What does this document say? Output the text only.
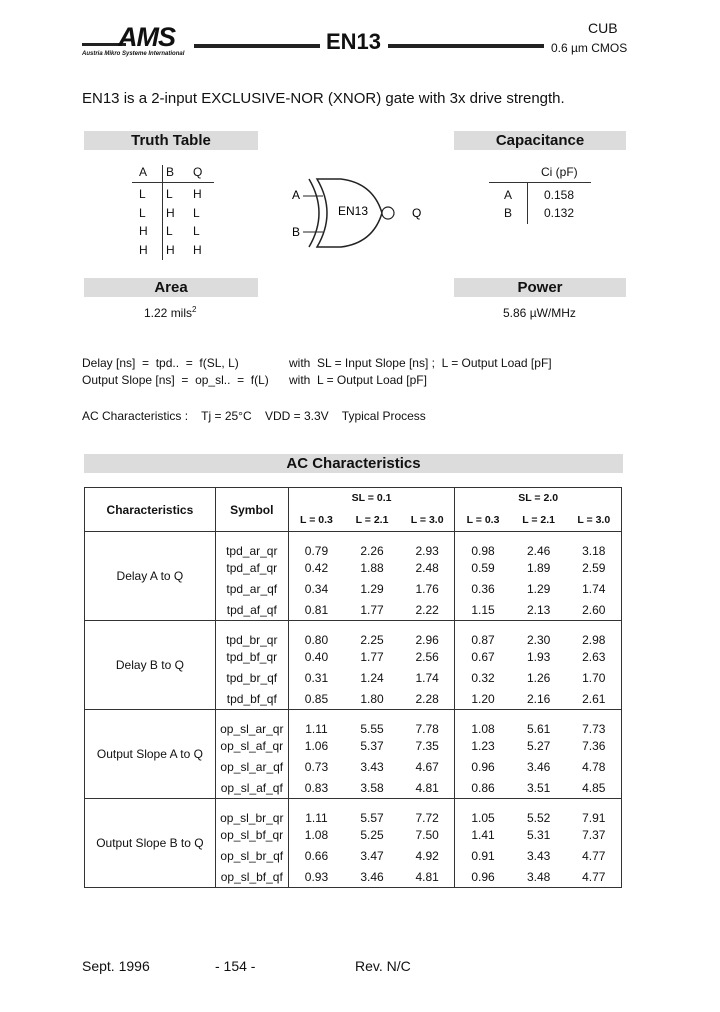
AMS
Austria Mikro Systeme International	EN13
CUB
0.6 µm CMOS
EN13 is a 2-input EXCLUSIVE-NOR (XNOR) gate with 3x drive strength.
Truth Table
A B Q
L L H
L H L
H L L
H H H
A
B
EN13	Q
Capacitance
Ci (pF)
A	0.158
B	0.132
Area
1.22 mils$^2$
Power
5.86 µW/MHz
Delay [ns]  =  tpd..  =  f(SL, L)	with  SL = Input Slope [ns] ;  L = Output Load [pF]
Output Slope [ns]  =  op_sl..  =  f(L) with  L = Output Load [pF]
AC Characteristics :    Tj = 25°C    VDD = 3.3V    Typical Process
AC Characteristics
Characteristics	Symbol	SL = 0.1			SL = 2.0		
		L = 0.3	L = 2.1	L = 3.0	L = 0.3	L = 2.1	L = 3.0
Delay A to Q	tpd_ar_qr	0.79	2.26	2.93	0.98	2.46	3.18
	tpd_af_qr	0.42	1.88	2.48	0.59	1.89	2.59
	tpd_ar_qf	0.34	1.29	1.76	0.36	1.29	1.74
	tpd_af_qf	0.81	1.77	2.22	1.15	2.13	2.60
Delay B to Q	tpd_br_qr	0.80	2.25	2.96	0.87	2.30	2.98
	tpd_bf_qr	0.40	1.77	2.56	0.67	1.93	2.63
	tpd_br_qf	0.31	1.24	1.74	0.32	1.26	1.70
	tpd_bf_qf	0.85	1.80	2.28	1.20	2.16	2.61
Output Slope A to Q	op_sl_ar_qr	1.11	5.55	7.78	1.08	5.61	7.73
	op_sl_af_qr	1.06	5.37	7.35	1.23	5.27	7.36
	op_sl_ar_qf	0.73	3.43	4.67	0.96	3.46	4.78
	op_sl_af_qf	0.83	3.58	4.81	0.86	3.51	4.85
Output Slope B to Q	op_sl_br_qr	1.11	5.57	7.72	1.05	5.52	7.91
	op_sl_bf_qr	1.08	5.25	7.50	1.41	5.31	7.37
	op_sl_br_qf	0.66	3.47	4.92	0.91	3.43	4.77
	op_sl_bf_qf	0.93	3.46	4.81	0.96	3.48	4.77
Sept. 1996	- 154 -	Rev. N/C
